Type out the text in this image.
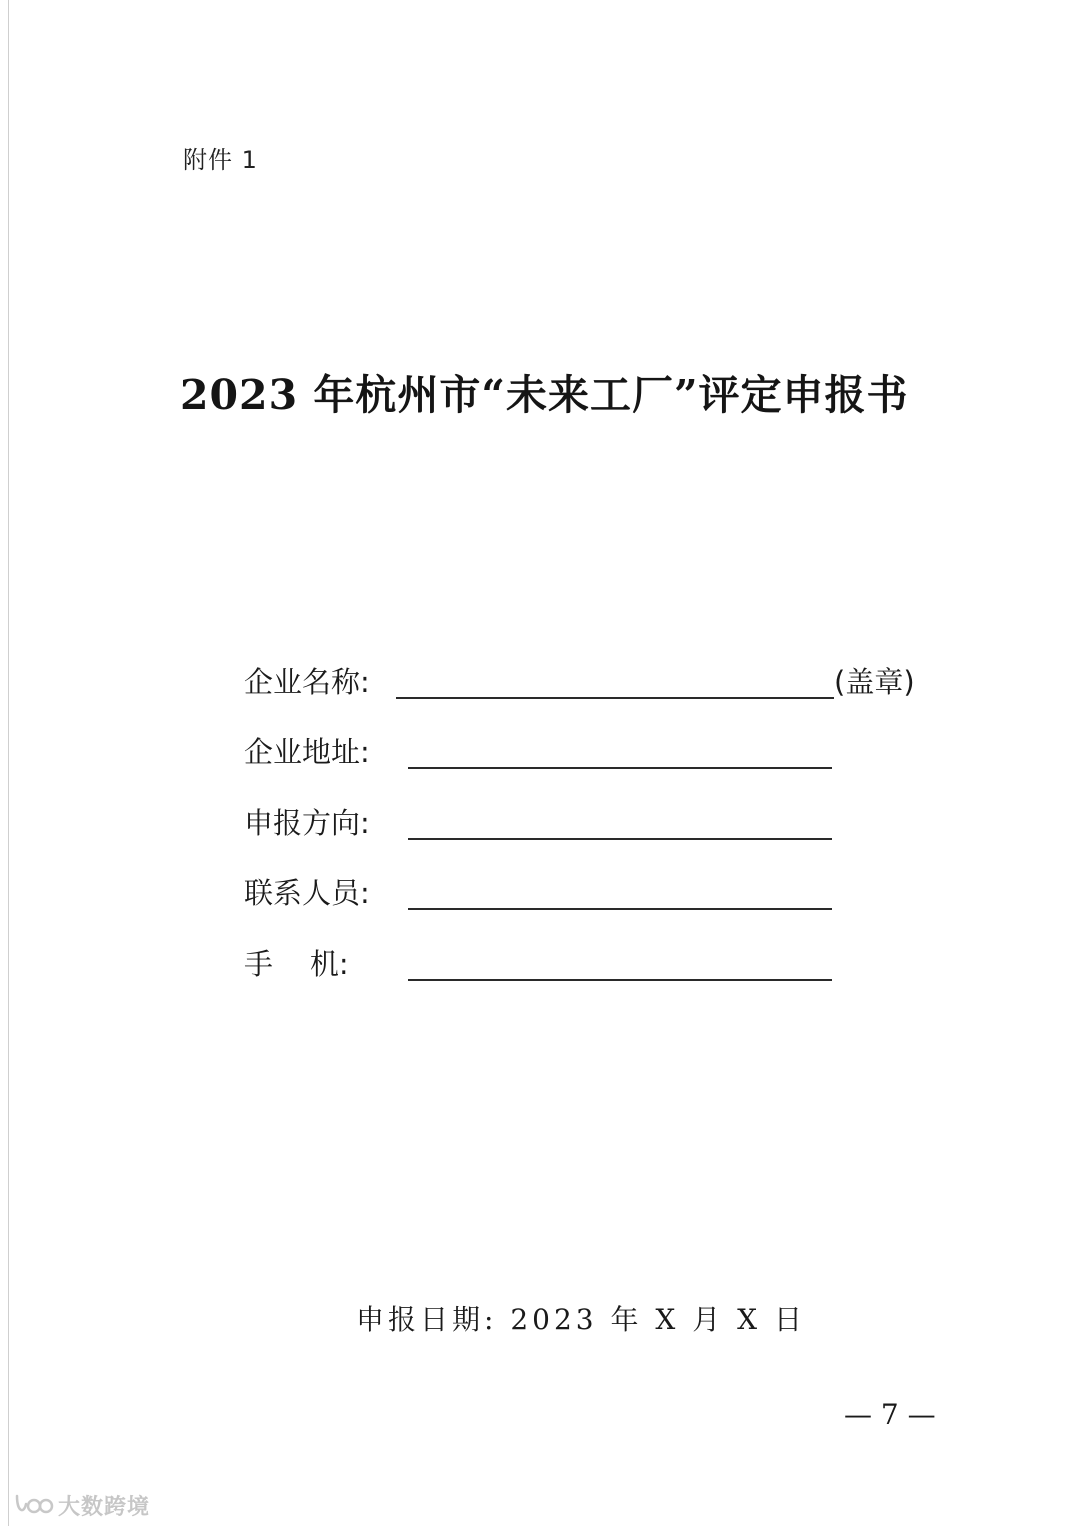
附件 1
2023 年杭州市“未来工厂”评定申报书
企业名称:	(盖章)
企业地址:
申报方向:
联系人员:
手    机:
申报日期: 2023 年 X 月 X 日
— 7 —
大数跨境
